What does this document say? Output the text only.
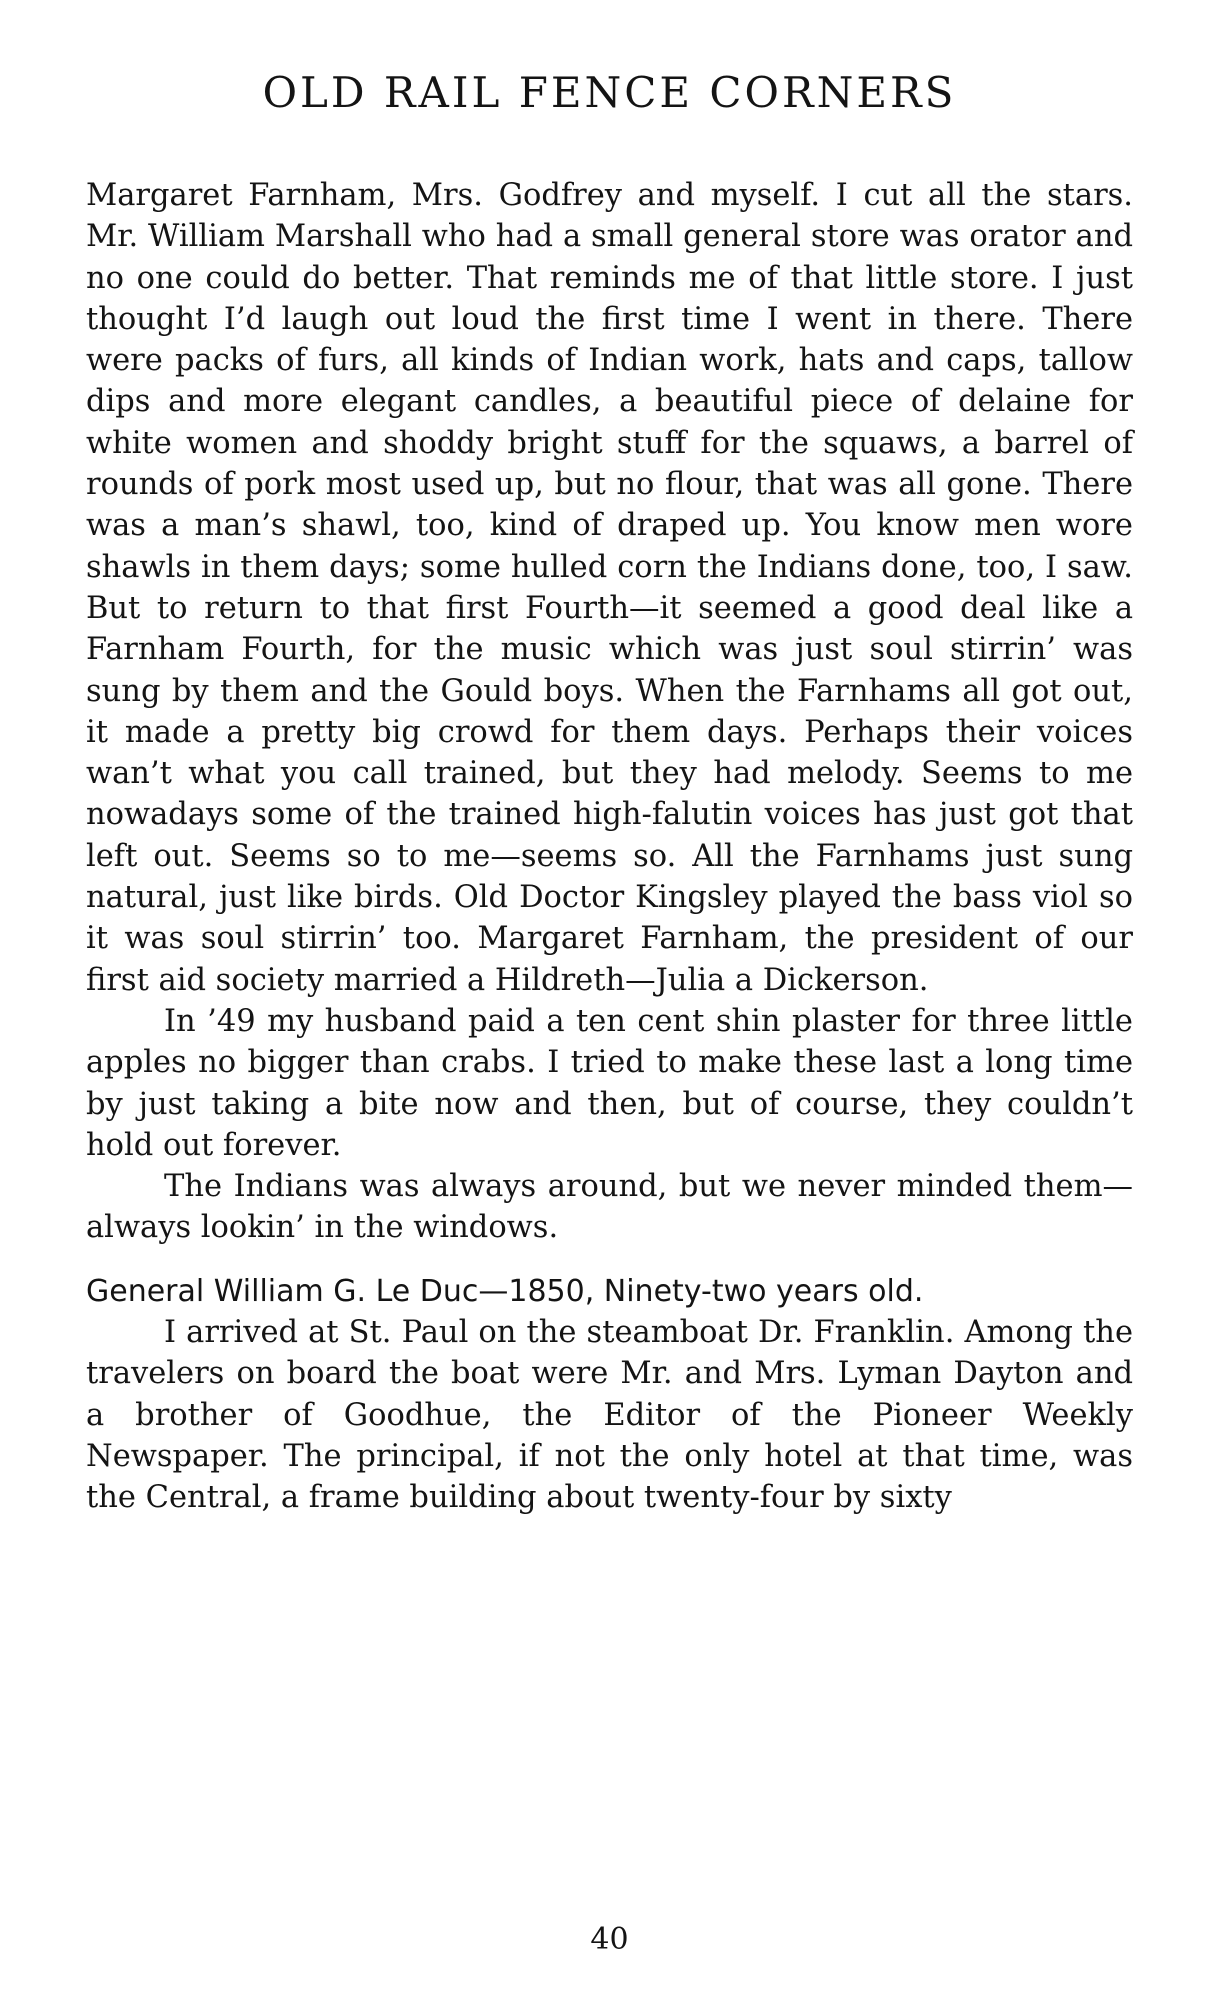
OLD RAIL FENCE CORNERS

Margaret Farnham, Mrs. Godfrey and myself. I cut all the stars. Mr. William Marshall who had a small general store was orator and no one could do better. That reminds me of that little store. I just thought I’d laugh out loud the first time I went in there. There were packs of furs, all kinds of Indian work, hats and caps, tallow dips and more elegant candles, a beautiful piece of delaine for white women and shoddy bright stuff for the squaws, a barrel of rounds of pork most used up, but no flour, that was all gone. There was a man’s shawl, too, kind of draped up. You know men wore shawls in them days; some hulled corn the Indians done, too, I saw. But to return to that first Fourth—it seemed a good deal like a Farnham Fourth, for the music which was just soul stirrin’ was sung by them and the Gould boys. When the Farnhams all got out, it made a pretty big crowd for them days. Perhaps their voices wan’t what you call trained, but they had melody. Seems to me nowadays some of the trained high-falutin voices has just got that left out. Seems so to me—seems so. All the Farnhams just sung natural, just like birds. Old Doctor Kingsley played the bass viol so it was soul stirrin’ too. Margaret Farnham, the president of our first aid society married a Hildreth—Julia a Dickerson.

In ’49 my husband paid a ten cent shin plaster for three little apples no bigger than crabs. I tried to make these last a long time by just taking a bite now and then, but of course, they couldn’t hold out forever.

The Indians was always around, but we never minded them—always lookin’ in the windows.

General William G. Le Duc—1850, Ninety-two years old.

I arrived at St. Paul on the steamboat Dr. Franklin. Among the travelers on board the boat were Mr. and Mrs. Lyman Dayton and a brother of Goodhue, the Editor of the Pioneer Weekly Newspaper. The principal, if not the only hotel at that time, was the Central, a frame building about twenty-four by sixty

40
